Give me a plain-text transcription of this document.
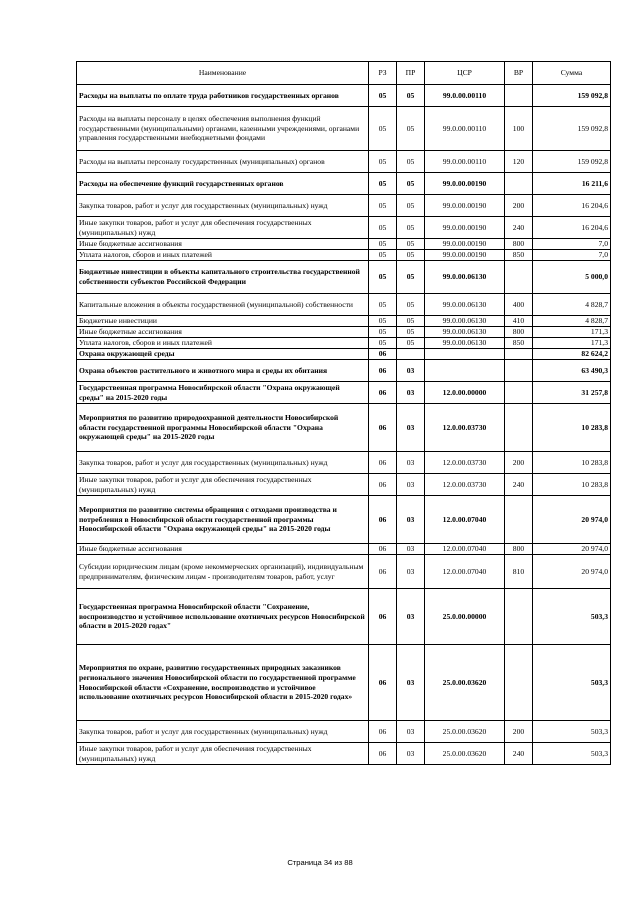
Наименование	РЗ	ПР	ЦСР	ВР	Сумма
Расходы на выплаты по оплате труда работников государственных органов	05	05	99.0.00.00110		159 092,8
Расходы на выплаты персоналу в целях обеспечения выполнения функций государственными (муниципальными) органами, казенными учреждениями, органами управления государственными внебюджетными фондами	05	05	99.0.00.00110	100	159 092,8
Расходы на выплаты персоналу государственных (муниципальных) органов	05	05	99.0.00.00110	120	159 092,8
Расходы на обеспечение функций государственных органов	05	05	99.0.00.00190		16 211,6
Закупка товаров, работ и услуг для государственных (муниципальных) нужд	05	05	99.0.00.00190	200	16 204,6
Иные закупки товаров, работ и услуг для обеспечения государственных (муниципальных) нужд	05	05	99.0.00.00190	240	16 204,6
Иные бюджетные ассигнования	05	05	99.0.00.00190	800	7,0
Уплата налогов, сборов и иных платежей	05	05	99.0.00.00190	850	7,0
Бюджетные инвестиции в объекты капитального строительства государственной собственности субъектов Российской Федерации	05	05	99.0.00.06130		5 000,0
Капитальные вложения в объекты государственной (муниципальной) собственности	05	05	99.0.00.06130	400	4 828,7
Бюджетные инвестиции	05	05	99.0.00.06130	410	4 828,7
Иные бюджетные ассигнования	05	05	99.0.00.06130	800	171,3
Уплата налогов, сборов и иных платежей	05	05	99.0.00.06130	850	171,3
Охрана окружающей среды	06				82 624,2
Охрана объектов растительного и животного мира и среды их обитания	06	03			63 490,3
Государственная программа Новосибирской области "Охрана окружающей среды" на 2015-2020 годы	06	03	12.0.00.00000		31 257,8
Мероприятия по развитию природоохранной деятельности Новосибирской области государственной программы Новосибирской области "Охрана окружающей среды" на 2015-2020 годы	06	03	12.0.00.03730		10 283,8
Закупка товаров, работ и услуг для государственных (муниципальных) нужд	06	03	12.0.00.03730	200	10 283,8
Иные закупки товаров, работ и услуг для обеспечения государственных (муниципальных) нужд	06	03	12.0.00.03730	240	10 283,8
Мероприятия по развитию системы обращения с отходами производства и потребления в Новосибирской области государственной программы Новосибирской области "Охрана окружающей среды" на 2015-2020 годы	06	03	12.0.00.07040		20 974,0
Иные бюджетные ассигнования	06	03	12.0.00.07040	800	20 974,0
Субсидии юридическим лицам (кроме некоммерческих организаций), индивидуальным предпринимателям, физическим лицам - производителям товаров, работ, услуг	06	03	12.0.00.07040	810	20 974,0
Государственная программа Новосибирской области "Сохранение, воспроизводство и устойчивое использование охотничьих ресурсов Новосибирской области в 2015-2020 годах"	06	03	25.0.00.00000		503,3
Мероприятия по охране, развитию государственных природных заказников регионального значения Новосибирской области по государственной программе Новосибирской области «Сохранение, воспроизводство и устойчивое использование охотничьих ресурсов Новосибирской области в 2015-2020 годах»	06	03	25.0.00.03620		503,3
Закупка товаров, работ и услуг для государственных (муниципальных) нужд	06	03	25.0.00.03620	200	503,3
Иные закупки товаров, работ и услуг для обеспечения государственных (муниципальных) нужд	06	03	25.0.00.03620	240	503,3
Страница 34 из 88
